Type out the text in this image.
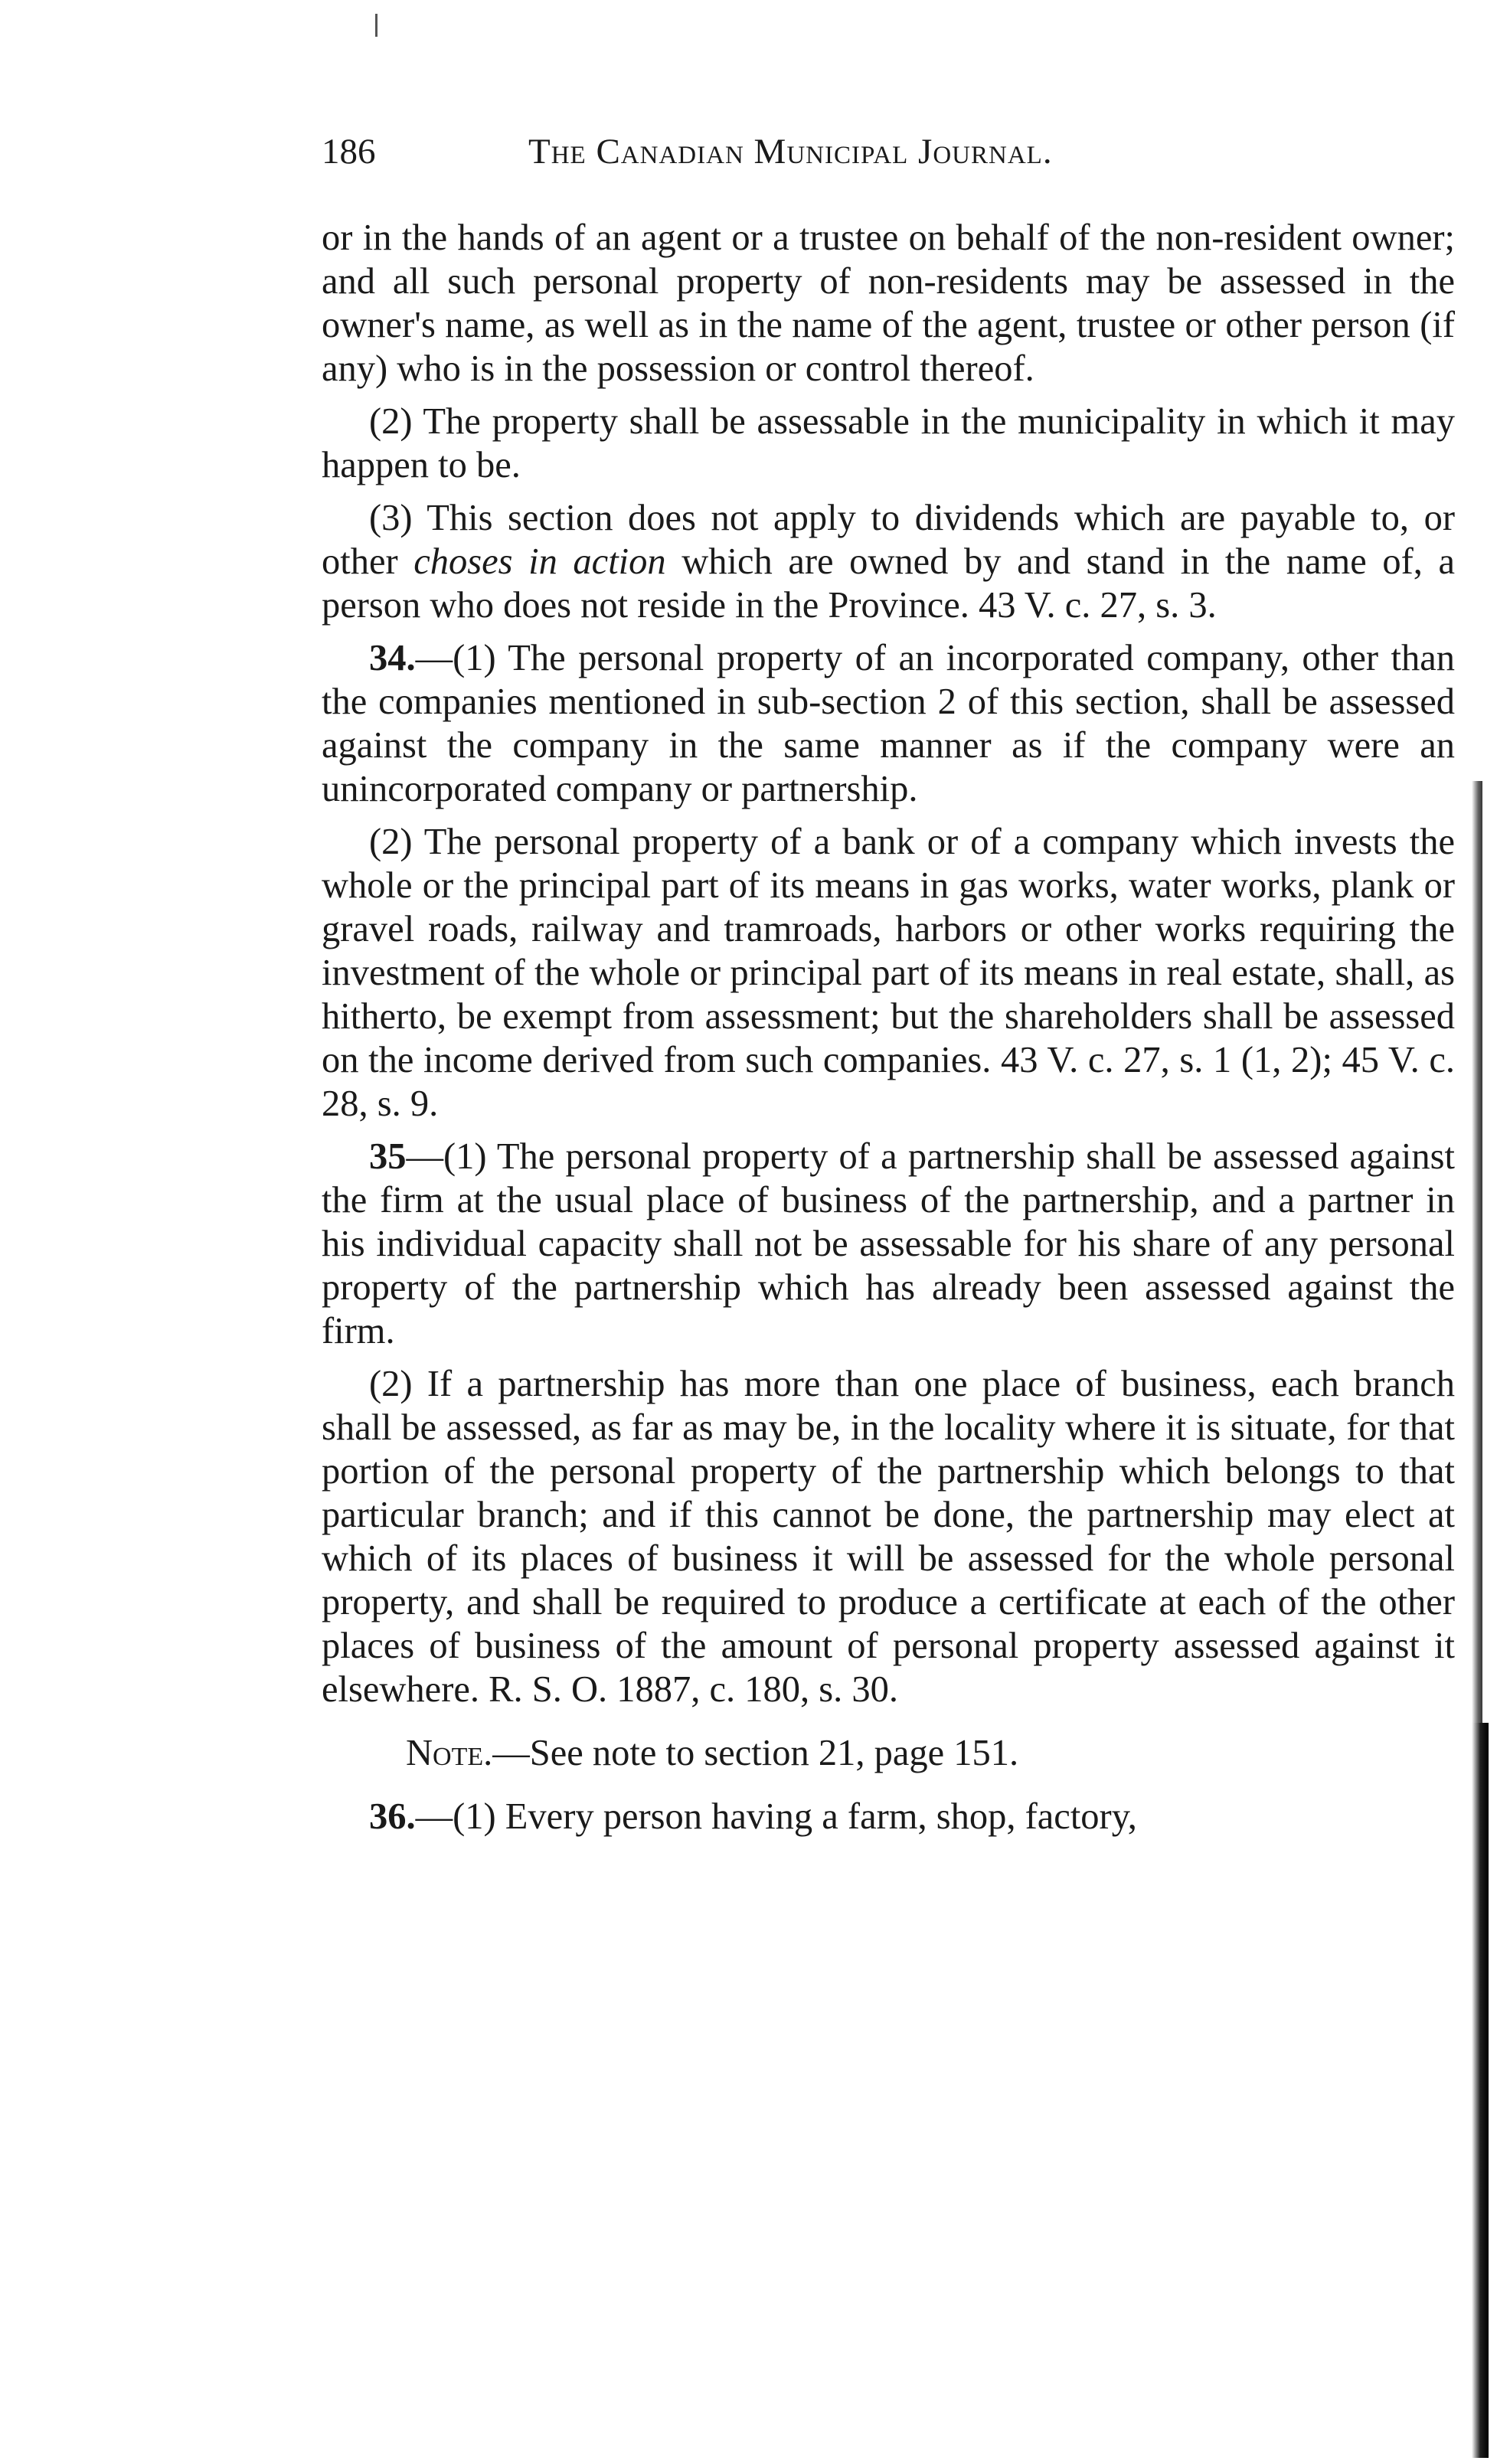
186	The Canadian Municipal Journal.

or in the hands of an agent or a trustee on behalf of the non-resident owner; and all such personal property of non-residents may be assessed in the owner's name, as well as in the name of the agent, trustee or other person (if any) who is in the possession or control thereof.

(2) The property shall be assessable in the municipality in which it may happen to be.

(3) This section does not apply to dividends which are payable to, or other choses in action which are owned by and stand in the name of, a person who does not reside in the Province. 43 V. c. 27, s. 3.

34.—(1) The personal property of an incorporated company, other than the companies mentioned in sub-section 2 of this section, shall be assessed against the company in the same manner as if the company were an unincorporated company or partnership.

(2) The personal property of a bank or of a company which invests the whole or the principal part of its means in gas works, water works, plank or gravel roads, railway and tramroads, harbors or other works requiring the investment of the whole or principal part of its means in real estate, shall, as hitherto, be exempt from assessment; but the shareholders shall be assessed on the income derived from such companies. 43 V. c. 27, s. 1 (1, 2); 45 V. c. 28, s. 9.

35—(1) The personal property of a partnership shall be assessed against the firm at the usual place of business of the partnership, and a partner in his individual capacity shall not be assessable for his share of any personal property of the partnership which has already been assessed against the firm.

(2) If a partnership has more than one place of business, each branch shall be assessed, as far as may be, in the locality where it is situate, for that portion of the personal property of the partnership which belongs to that particular branch; and if this cannot be done, the partnership may elect at which of its places of business it will be assessed for the whole personal property, and shall be required to produce a certificate at each of the other places of business of the amount of personal property assessed against it elsewhere. R. S. O. 1887, c. 180, s. 30.

Note.—See note to section 21, page 151.

36.—(1) Every person having a farm, shop, factory,
